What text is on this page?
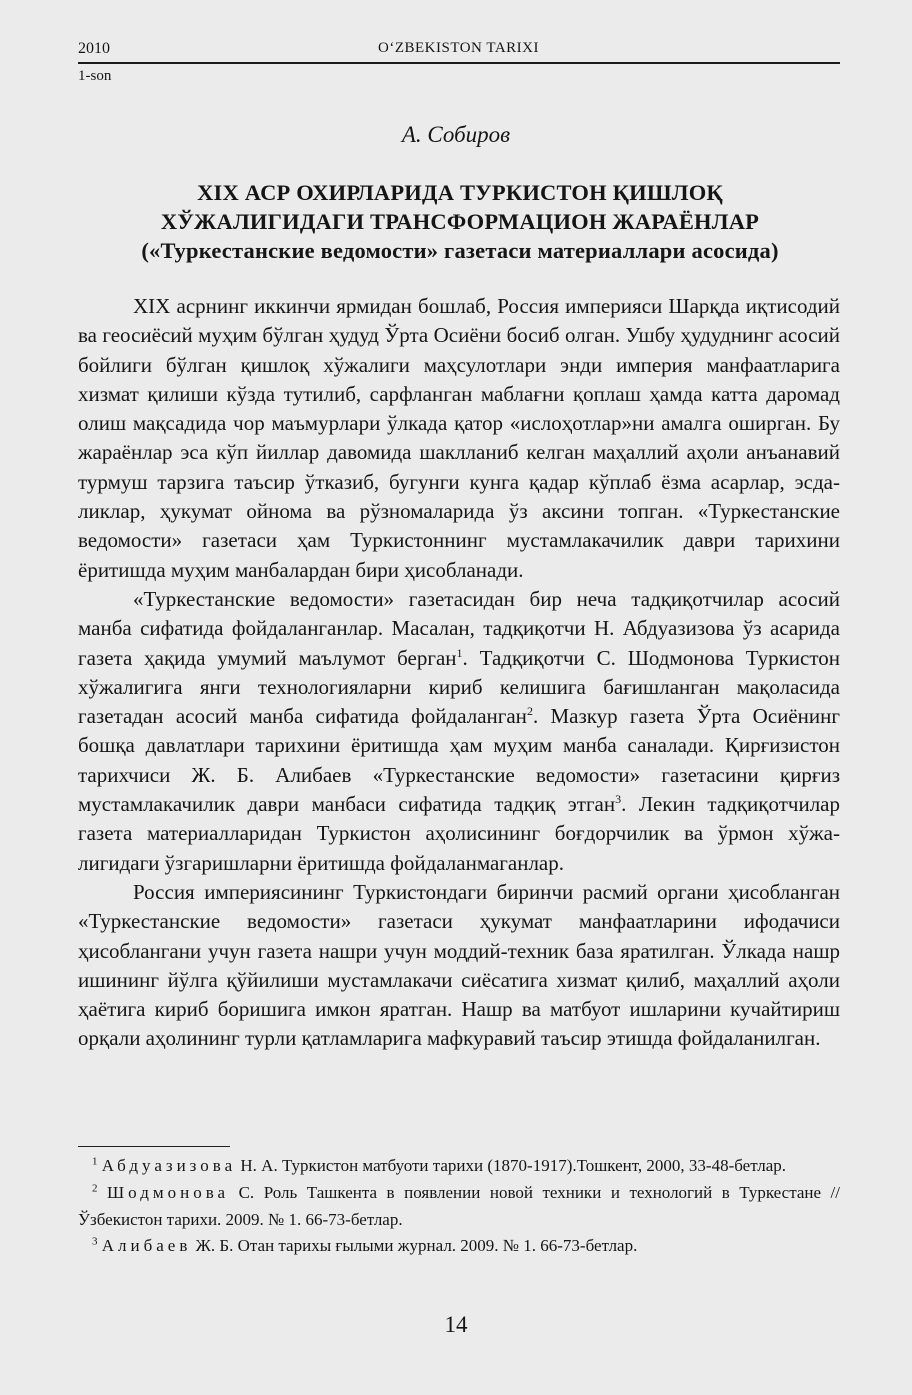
2010	O‘ZBEKISTON TARIXI
1-son
А. Собиров
XIX АСР ОХИРЛАРИДА ТУРКИСТОН ҚИШЛОҚ
ХЎЖАЛИГИДАГИ ТРАНСФОРМАЦИОН ЖАРАЁНЛАР
(«Туркестанские ведомости» газетаси материаллари асосида)

XIX асрнинг иккинчи ярмидан бошлаб, Россия империяси Шарқда иқтисодий ва геосиёсий муҳим бўлган ҳудуд Ўрта Осиёни босиб олган. Ушбу ҳудуднинг асосий бойлиги бўлган қишлоқ хўжалиги маҳсулотлари энди империя манфаатларига хизмат қилиши кўзда тутилиб, сарфланган маблағни қоплаш ҳамда катта даромад олиш мақсадида чор маъмурлари ўлкада қатор «ислоҳотлар»ни амалга оширган. Бу жараёнлар эса кўп йиллар давомида шаклланиб келган маҳаллий аҳоли анъанавий турмуш тарзига таъсир ўтказиб, бугунги кунга қадар кўплаб ёзма асарлар, эсдаликлар, ҳукумат ойнома ва рўзномаларида ўз аксини топган. «Туркестанские ведомости» газетаси ҳам Туркистоннинг мустамлакачилик даври тарихини ёритишда муҳим манбалардан бири ҳисобланади.

«Туркестанские ведомости» газетасидан бир неча тадқиқотчилар асосий манба сифатида фойдаланганлар. Масалан, тадқиқотчи Н. Абдуазизова ўз асарида газета ҳақида умумий маълумот берган$^1$. Тадқиқотчи С. Шодмонова Туркистон хўжалигига янги технологияларни кириб келишига бағишланган мақоласида газетадан асосий манба сифатида фойдаланган$^2$. Мазкур газета Ўрта Осиёнинг бошқа давлатлари тарихини ёритишда ҳам муҳим манба саналади. Қирғизистон тарихчиси Ж. Б. Алибаев «Туркестанские ведомости» газетасини қирғиз мустамлакачилик даври манбаси сифатида тадқиқ этган$^3$. Лекин тадқиқотчилар газета материалларидан Туркистон аҳолисининг боғдорчилик ва ўрмон хўжалигидаги ўзгаришларни ёритишда фойдаланмаганлар.

Россия империясининг Туркистондаги биринчи расмий органи ҳисобланган «Туркестанские ведомости» газетаси ҳукумат манфаатларини ифодачиси ҳисоблангани учун газета нашри учун моддий-техник база яратилган. Ўлкада нашр ишининг йўлга қўйилиши мустамлакачи сиёсатига хизмат қилиб, маҳаллий аҳоли ҳаётига кириб боришига имкон яратган. Нашр ва матбуот ишларини кучайтириш орқали аҳолининг турли қатламларига мафкуравий таъсир этишда фойдаланилган.

$^1$ Абдуазизова Н. А. Туркистон матбуоти тарихи (1870-1917).Тошкент, 2000, 33-48-бетлар.

$^2$ Шодмонова С. Роль Ташкента в появлении новой техники и технологий в Туркестане // Ўзбекистон тарихи. 2009. № 1. 66-73-бетлар.

$^3$ Алибаев Ж. Б. Отан тарихы ғылыми журнал. 2009. № 1. 66-73-бетлар.

14
